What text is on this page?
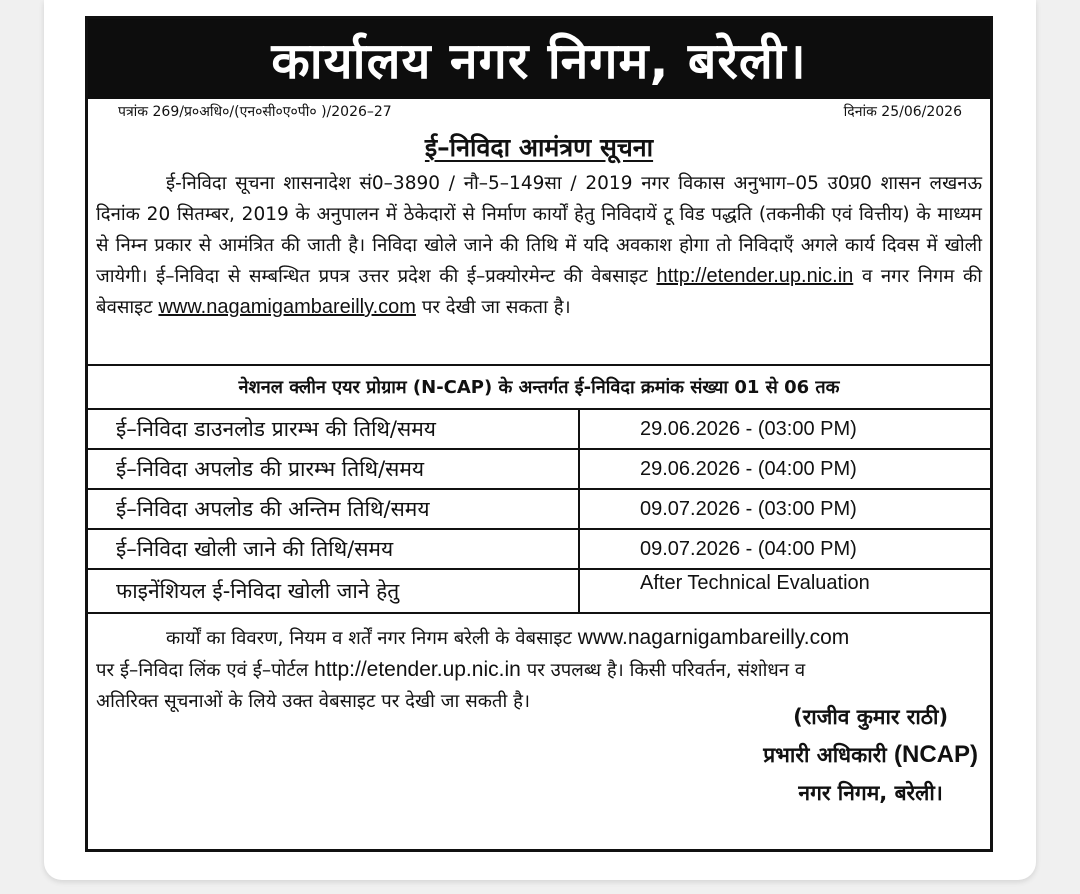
कार्यालय नगर निगम, बरेली।
पत्रांक 269/प्र०अधि०/(एन०सी०ए०पी० )/2026–27	दिनांक 25/06/2026
ई–निविदा आमंत्रण सूचना
ई-निविदा सूचना शासनादेश सं0–3890 / नौ–5–149सा / 2019 नगर विकास अनुभाग–05 उ0प्र0 शासन लखनऊ दिनांक 20 सितम्बर, 2019 के अनुपालन में ठेकेदारों से निर्माण कार्यों हेतु निविदायें टू विड पद्धति (तकनीकी एवं वित्तीय) के माध्यम से निम्न प्रकार से आमंत्रित की जाती है। निविदा खोले जाने की तिथि में यदि अवकाश होगा तो निविदाएँ अगले कार्य दिवस में खोली जायेगी। ई–निविदा से सम्बन्धित प्रपत्र उत्तर प्रदेश की ई–प्रक्योरमेन्ट की वेबसाइट http://etender.up.nic.in व नगर निगम की बेवसाइट www.nagamigambareilly.com पर देखी जा सकता है।
नेशनल क्लीन एयर प्रोग्राम (N-CAP) के अन्तर्गत ई-निविदा क्रमांक संख्या 01 से 06 तक
ई–निविदा डाउनलोड प्रारम्भ की तिथि/समय	29.06.2026 - (03:00 PM)
ई–निविदा अपलोड की प्रारम्भ तिथि/समय	29.06.2026 - (04:00 PM)
ई–निविदा अपलोड की अन्तिम तिथि/समय	09.07.2026 - (03:00 PM)
ई–निविदा खोली जाने की तिथि/समय	09.07.2026 - (04:00 PM)
फाइनेंशियल ई-निविदा खोली जाने हेतु	After Technical Evaluation
कार्यों का विवरण, नियम व शर्तें नगर निगम बरेली के वेबसाइट www.nagarnigambareilly.com
पर ई–निविदा लिंक एवं ई–पोर्टल http://etender.up.nic.in पर उपलब्ध है। किसी परिवर्तन, संशोधन व
अतिरिक्त सूचनाओं के लिये उक्त वेबसाइट पर देखी जा सकती है।
(राजीव कुमार राठी)
प्रभारी अधिकारी (NCAP)
नगर निगम, बरेली।
